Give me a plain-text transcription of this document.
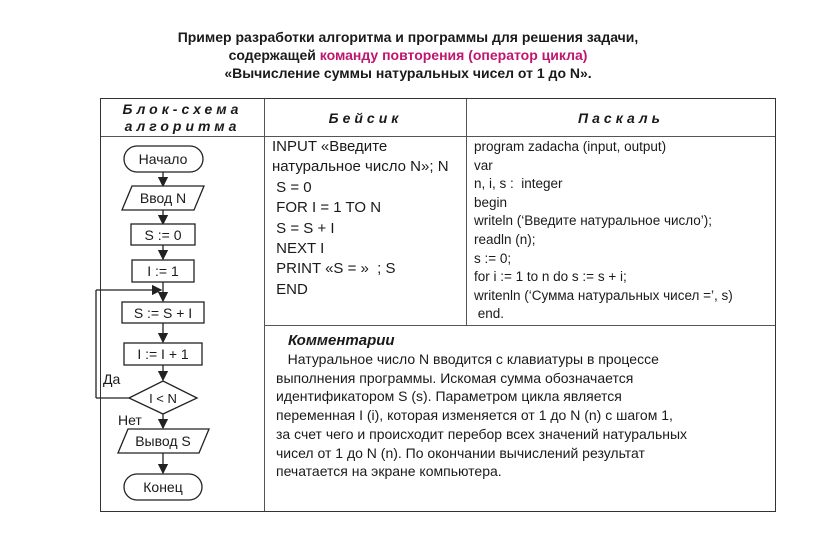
Пример разработки алгоритма и программы для решения задачи,
содержащей команду повторения (оператор цикла)
«Вычисление суммы натуральных чисел от 1 до N».
Блок-схема
алгоритма	Бейсик	Паскаль
Начало
Ввод N
S := 0
I := 1
S := S + I
I := I + 1
I < N
Да
Нет
Вывод S
Конец
INPUT «Введите
натуральное число N»; N
S = 0
FOR I = 1 TO N
S = S + I
NEXT I
PRINT «S = »  ; S
END
program zadacha (input, output)
var
n, i, s :  integer
begin
writeln (‘Введите натуральное число’);
readln (n);
s := 0;
for i := 1 to n do s := s + i;
writenln (‘Сумма натуральных чисел =’, s)
end.
Комментарии
Натуральное число N вводится с клавиатуры в процессе
выполнения программы. Искомая сумма обозначается
идентификатором S (s). Параметром цикла является
переменная I (i), которая изменяется от 1 до N (n) с шагом 1,
за счет чего и происходит перебор всех значений натуральных
чисел от 1 до N (n). По окончании вычислений результат
печатается на экране компьютера.
